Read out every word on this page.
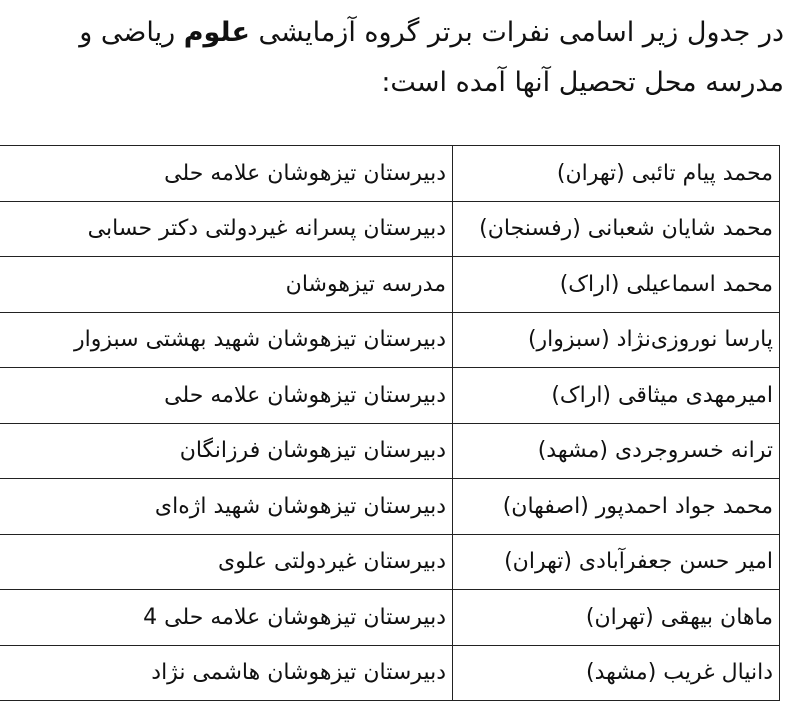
در جدول زیر اسامی نفرات برتر گروه آزمایشی علوم ریاضی و
مدرسه محل تحصیل آنها آمده است:

محمد پیام تائبی (تهران)	دبیرستان تیزهوشان علامه حلی
محمد شایان شعبانی (رفسنجان)	دبیرستان پسرانه غیردولتی دکتر حسابی
محمد اسماعیلی (اراک)	مدرسه تیزهوشان
پارسا نوروزی‌نژاد (سبزوار)	دبیرستان تیزهوشان شهید بهشتی سبزوار
امیرمهدی میثاقی (اراک)	دبیرستان تیزهوشان علامه حلی
ترانه خسروجردی (مشهد)	دبیرستان تیزهوشان فرزانگان
محمد جواد احمدپور (اصفهان)	دبیرستان تیزهوشان شهید اژه‌ای
امیر حسن جعفرآبادی (تهران)	دبیرستان غیردولتی علوی
ماهان بیهقی (تهران)	دبیرستان تیزهوشان علامه حلی 4
دانیال غریب (مشهد)	دبیرستان تیزهوشان هاشمی نژاد
